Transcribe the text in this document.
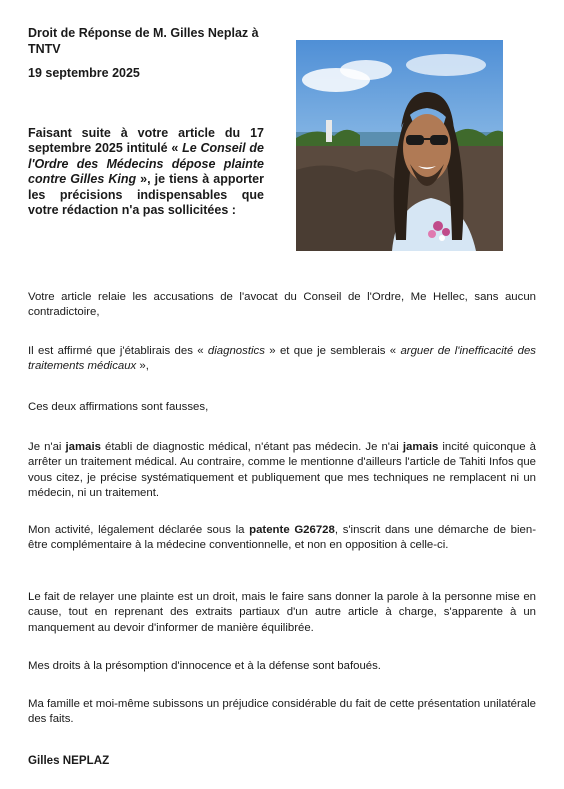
Droit de Réponse de M. Gilles Neplaz à TNTV
19 septembre 2025
Faisant suite à votre article du 17 septembre 2025 intitulé « Le Conseil de l'Ordre des Médecins dépose plainte contre Gilles King », je tiens à apporter les précisions indispensables que votre rédaction n'a pas sollicitées :
Votre article relaie les accusations de l'avocat du Conseil de l'Ordre, Me Hellec, sans aucun contradictoire,
Il est affirmé que j'établirais des « diagnostics » et que je semblerais « arguer de l'inefficacité des traitements médicaux »,
Ces deux affirmations sont fausses,
Je n'ai jamais établi de diagnostic médical, n'étant pas médecin. Je n'ai jamais incité quiconque à arrêter un traitement médical. Au contraire, comme le mentionne d'ailleurs l'article de Tahiti Infos que vous citez, je précise systématiquement et publiquement que mes techniques ne remplacent ni un médecin, ni un traitement.
Mon activité, légalement déclarée sous la patente G26728, s'inscrit dans une démarche de bien-être complémentaire à la médecine conventionnelle, et non en opposition à celle-ci.
Le fait de relayer une plainte est un droit, mais le faire sans donner la parole à la personne mise en cause, tout en reprenant des extraits partiaux d'un autre article à charge, s'apparente à un manquement au devoir d'informer de manière équilibrée.
Mes droits à la présomption d'innocence et à la défense sont bafoués.
Ma famille et moi-même subissons un préjudice considérable du fait de cette présentation unilatérale des faits.
Gilles NEPLAZ
